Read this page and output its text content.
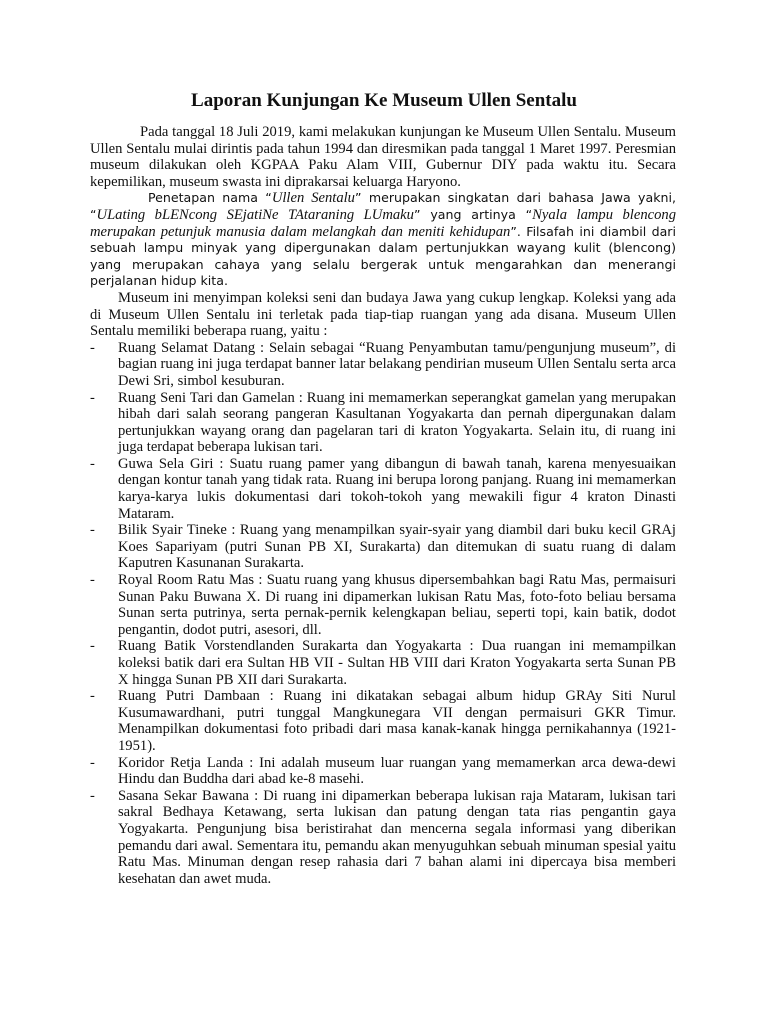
Laporan Kunjungan Ke Museum Ullen Sentalu

Pada tanggal 18 Juli 2019, kami melakukan kunjungan ke Museum Ullen Sentalu. Museum Ullen Sentalu mulai dirintis pada tahun 1994 dan diresmikan pada tanggal 1 Maret 1997. Peresmian museum dilakukan oleh KGPAA Paku Alam VIII, Gubernur DIY pada waktu itu. Secara kepemilikan, museum swasta ini diprakarsai keluarga Haryono.

Penetapan nama “Ullen Sentalu” merupakan singkatan dari bahasa Jawa yakni, “ULating bLENcong SEjatiNe TAtaraning LUmaku” yang artinya “Nyala lampu blencong merupakan petunjuk manusia dalam melangkah dan meniti kehidupan”. Filsafah ini diambil dari sebuah lampu minyak yang dipergunakan dalam pertunjukkan wayang kulit (blencong) yang merupakan cahaya yang selalu bergerak untuk mengarahkan dan menerangi perjalanan hidup kita.

Museum ini menyimpan koleksi seni dan budaya Jawa yang cukup lengkap. Koleksi yang ada di Museum Ullen Sentalu ini terletak pada tiap-tiap ruangan yang ada disana. Museum Ullen Sentalu memiliki beberapa ruang, yaitu :

- Ruang Selamat Datang : Selain sebagai “Ruang Penyambutan tamu/pengunjung museum”, di bagian ruang ini juga terdapat banner latar belakang pendirian museum Ullen Sentalu serta arca Dewi Sri, simbol kesuburan.
- Ruang Seni Tari dan Gamelan : Ruang ini memamerkan seperangkat gamelan yang merupakan hibah dari salah seorang pangeran Kasultanan Yogyakarta dan pernah dipergunakan dalam pertunjukkan wayang orang dan pagelaran tari di kraton Yogyakarta. Selain itu, di ruang ini juga terdapat beberapa lukisan tari.
- Guwa Sela Giri : Suatu ruang pamer yang dibangun di bawah tanah, karena menyesuaikan dengan kontur tanah yang tidak rata. Ruang ini berupa lorong panjang. Ruang ini memamerkan karya-karya lukis dokumentasi dari tokoh-tokoh yang mewakili figur 4 kraton Dinasti Mataram.
- Bilik Syair Tineke : Ruang yang menampilkan syair-syair yang diambil dari buku kecil GRAj Koes Sapariyam (putri Sunan PB XI, Surakarta) dan ditemukan di suatu ruang di dalam Kaputren Kasunanan Surakarta.
- Royal Room Ratu Mas : Suatu ruang yang khusus dipersembahkan bagi Ratu Mas, permaisuri Sunan Paku Buwana X. Di ruang ini dipamerkan lukisan Ratu Mas, foto-foto beliau bersama Sunan serta putrinya, serta pernak-pernik kelengkapan beliau, seperti topi, kain batik, dodot pengantin, dodot putri, asesori, dll.
- Ruang Batik Vorstendlanden Surakarta dan Yogyakarta : Dua ruangan ini memampilkan koleksi batik dari era Sultan HB VII - Sultan HB VIII dari Kraton Yogyakarta serta Sunan PB X hingga Sunan PB XII dari Surakarta.
- Ruang Putri Dambaan : Ruang ini dikatakan sebagai album hidup GRAy Siti Nurul Kusumawardhani, putri tunggal Mangkunegara VII dengan permaisuri GKR Timur. Menampilkan dokumentasi foto pribadi dari masa kanak-kanak hingga pernikahannya (1921-1951).
- Koridor Retja Landa : Ini adalah museum luar ruangan yang memamerkan arca dewa-dewi Hindu dan Buddha dari abad ke-8 masehi.
- Sasana Sekar Bawana : Di ruang ini dipamerkan beberapa lukisan raja Mataram, lukisan tari sakral Bedhaya Ketawang, serta lukisan dan patung dengan tata rias pengantin gaya Yogyakarta. Pengunjung bisa beristirahat dan mencerna segala informasi yang diberikan pemandu dari awal. Sementara itu, pemandu akan menyuguhkan sebuah minuman spesial yaitu Ratu Mas. Minuman dengan resep rahasia dari 7 bahan alami ini dipercaya bisa memberi kesehatan dan awet muda.
